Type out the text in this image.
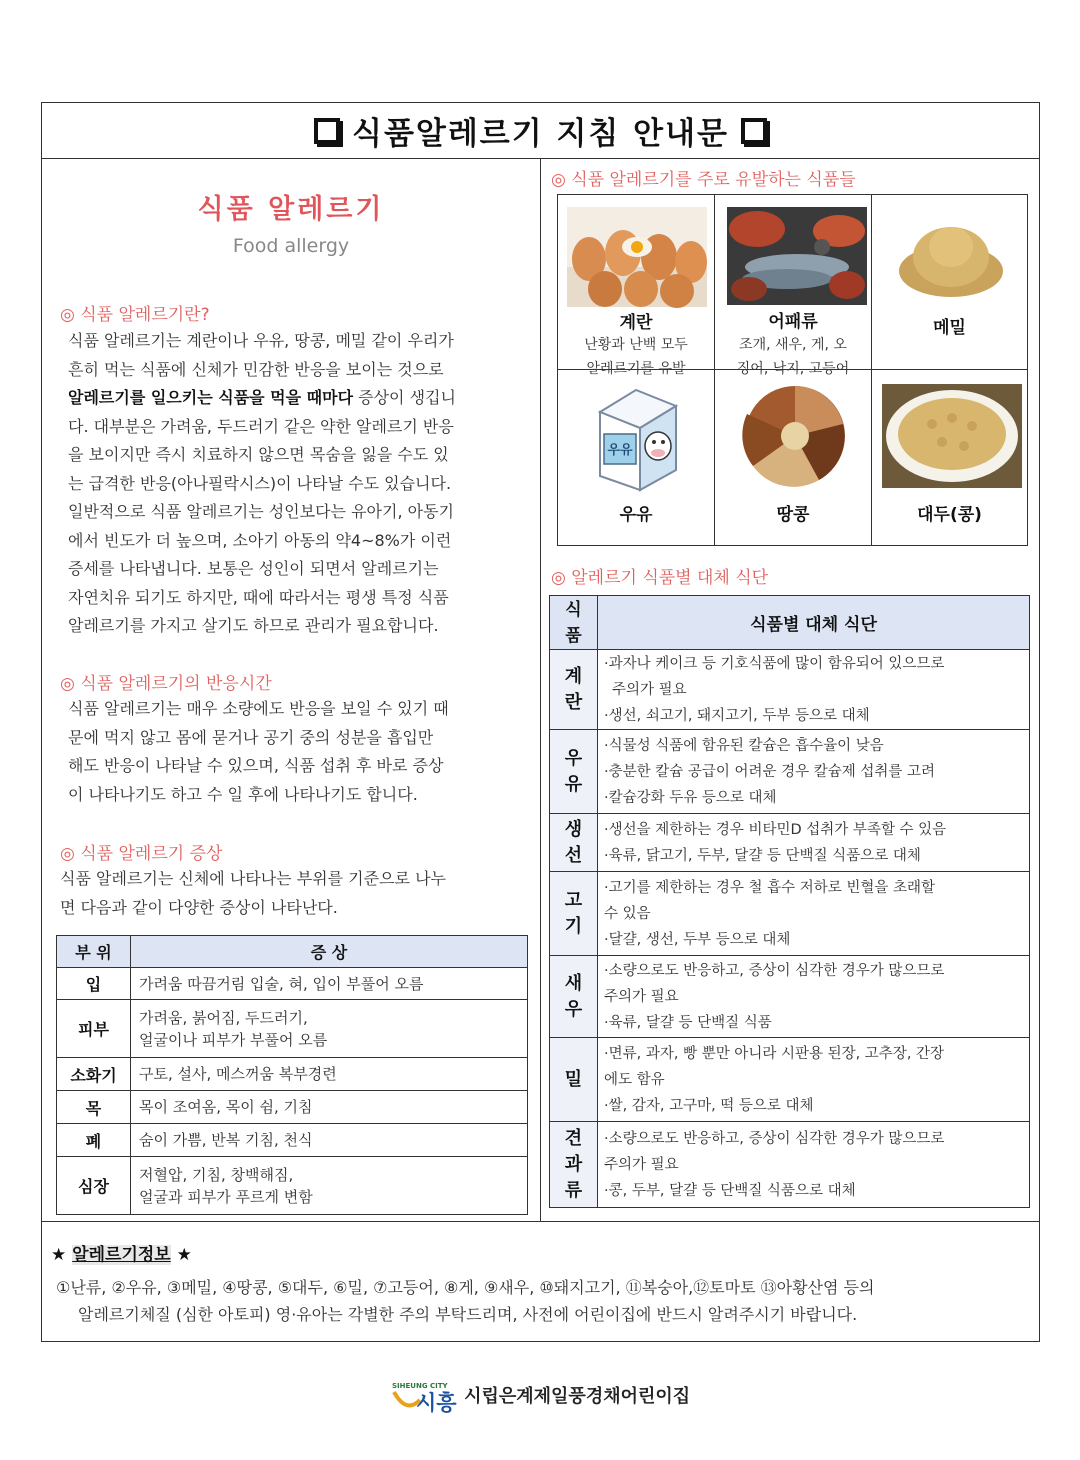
식품알레르기 지침 안내문
식품 알레르기
Food allergy
◎ 식품 알레르기란?
식품 알레르기는 계란이나 우유, 땅콩, 메밀 같이 우리가
흔히 먹는 식품에 신체가 민감한 반응을 보이는 것으로
알레르기를 일으키는 식품을 먹을 때마다 증상이 생깁니
다. 대부분은 가려움, 두드러기 같은 약한 알레르기 반응
을 보이지만 즉시 치료하지 않으면 목숨을 잃을 수도 있
는 급격한 반응(아나필락시스)이 나타날 수도 있습니다.
일반적으로 식품 알레르기는 성인보다는 유아기, 아동기
에서 빈도가 더 높으며, 소아기 아동의 약4~8%가 이런
증세를 나타냅니다. 보통은 성인이 되면서 알레르기는
자연치유 되기도 하지만, 때에 따라서는 평생 특정 식품
알레르기를 가지고 살기도 하므로 관리가 필요합니다.
◎ 식품 알레르기의 반응시간
식품 알레르기는 매우 소량에도 반응을 보일 수 있기 때
문에 먹지 않고 몸에 묻거나 공기 중의 성분을 흡입만
해도 반응이 나타날 수 있으며, 식품 섭취 후 바로 증상
이 나타나기도 하고 수 일 후에 나타나기도 합니다.
◎ 식품 알레르기 증상
식품 알레르기는 신체에 나타나는 부위를 기준으로 나누
면 다음과 같이 다양한 증상이 나타난다.
부 위	증 상
입	가려움 따끔거림 입술, 혀, 입이 부풀어 오름

피부	가려움, 붉어짐, 두드러기,
얼굴이나 피부가 부풀어 오름

소화기	구토, 설사, 메스꺼움 복부경련

목	목이 조여옴, 목이 쉼, 기침

폐	숨이 가쁨, 반복 기침, 천식

심장	저혈압, 기침, 창백해짐,
얼굴과 피부가 푸르게 변함
◎ 식품 알레르기를 주로 유발하는 식품들
계란
난황과 난백 모두
알레르기를 유발
어패류
조개, 새우, 게, 오
징어, 낙지, 고등어
메밀
우유
우유	땅콩	대두(콩)
◎ 알레르기 식품별 대체 식단
식품	식품별 대체 식단

계란	·과자나 케이크 등 기호식품에 많이 함유되어 있으므로
주의가 필요
·생선, 쇠고기, 돼지고기, 두부 등으로 대체

우유	·식물성 식품에 함유된 칼슘은 흡수율이 낮음
·충분한 칼슘 공급이 어려운 경우 칼슘제 섭취를 고려
·칼슘강화 두유 등으로 대체

생선	·생선을 제한하는 경우 비타민D 섭취가 부족할 수 있음
·육류, 닭고기, 두부, 달걀 등 단백질 식품으로 대체

고기	·고기를 제한하는 경우 철 흡수 저하로 빈혈을 초래할
수 있음
·달걀, 생선, 두부 등으로 대체

새우	·소량으로도 반응하고, 증상이 심각한 경우가 많으므로
주의가 필요
·육류, 달걀 등 단백질 식품

밀	·면류, 과자, 빵 뿐만 아니라 시판용 된장, 고추장, 간장
에도 함유
·쌀, 감자, 고구마, 떡 등으로 대체

견과류	·소량으로도 반응하고, 증상이 심각한 경우가 많으므로
주의가 필요
·콩, 두부, 달걀 등 단백질 식품으로 대체
★ 알레르기정보 ★
①난류, ②우유, ③메밀, ④땅콩, ⑤대두, ⑥밀, ⑦고등어, ⑧게, ⑨새우, ⑩돼지고기, ⑪복숭아,⑫토마토 ⑬아황산염 등의
알레르기체질 (심한 아토피) 영·유아는 각별한 주의 부탁드리며, 사전에 어린이집에 반드시 알려주시기 바랍니다.
SIHEUNG CITY
시흥 시립은계제일풍경채어린이집
